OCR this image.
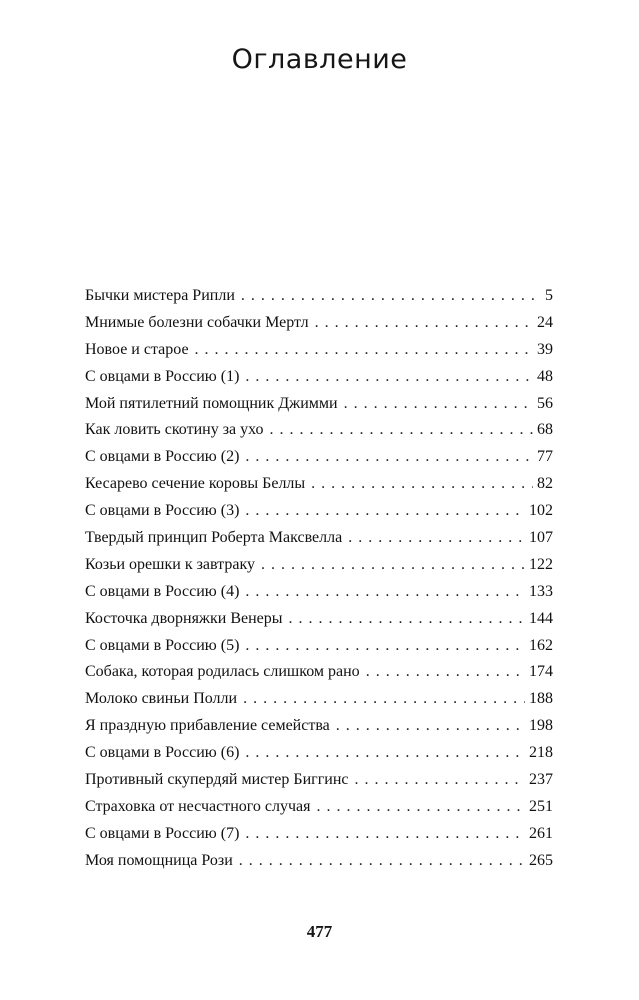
Оглавление
Бычки мистера Рипли . . .	5
Мнимые болезни собачки Мертл . . .	24
Новое и старое . . .	39
С овцами в Россию (1) . . .	48
Мой пятилетний помощник Джимми . . .	56
Как ловить скотину за ухо . . .	68
С овцами в Россию (2) . . .	77
Кесарево сечение коровы Беллы . . .	82
С овцами в Россию (3) . . .	102
Твердый принцип Роберта Максвелла . . .	107
Козьи орешки к завтраку . . .	122
С овцами в Россию (4) . . .	133
Косточка дворняжки Венеры . . .	144
С овцами в Россию (5) . . .	162
Собака, которая родилась слишком рано . . .	174
Молоко свиньи Полли . . .	188
Я праздную прибавление семейства . . .	198
С овцами в Россию (6) . . .	218
Противный скупердяй мистер Биггинс . . .	237
Страховка от несчастного случая . . .	251
С овцами в Россию (7) . . .	261
Моя помощница Рози . . .	265
477
